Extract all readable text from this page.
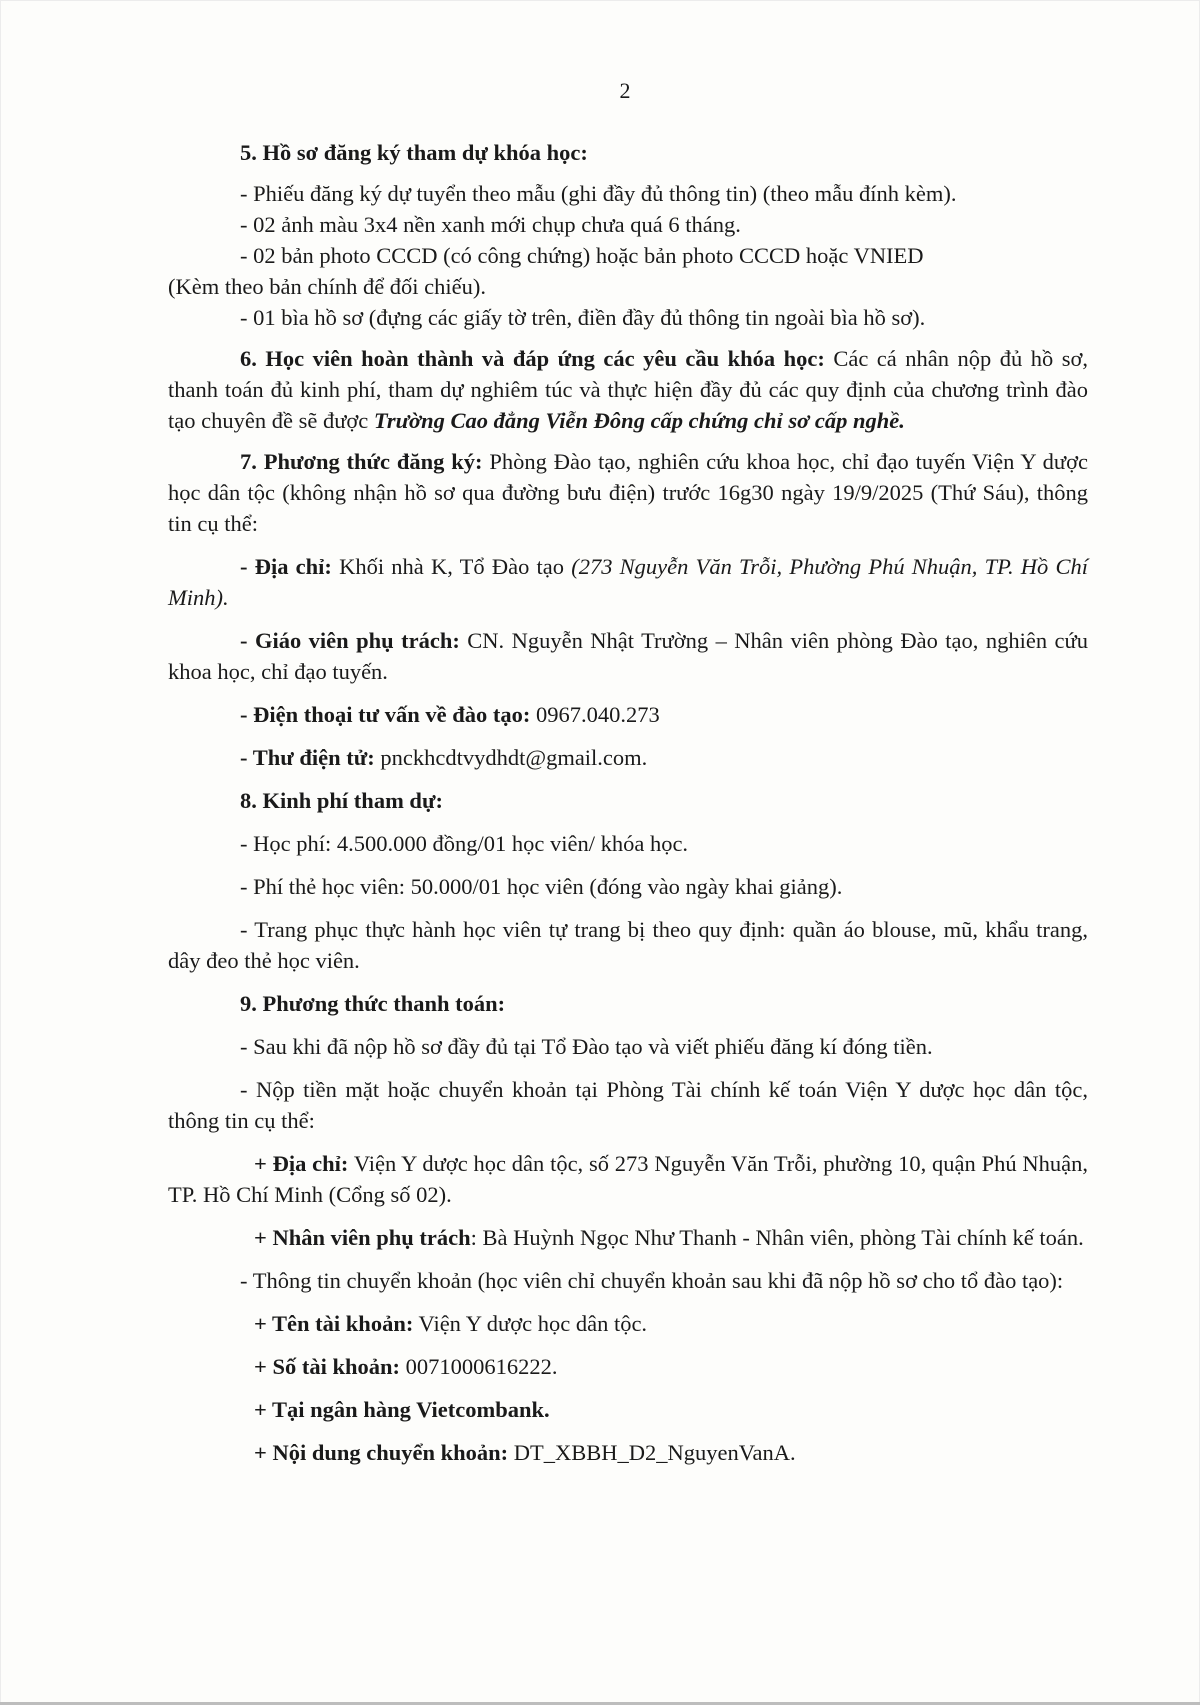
2

5. Hồ sơ đăng ký tham dự khóa học:

- Phiếu đăng ký dự tuyển theo mẫu (ghi đầy đủ thông tin) (theo mẫu đính kèm).

- 02 ảnh màu 3x4 nền xanh mới chụp chưa quá 6 tháng.

- 02 bản photo CCCD (có công chứng) hoặc bản photo CCCD hoặc VNIED

(Kèm theo bản chính để đối chiếu).

- 01 bìa hồ sơ (đựng các giấy tờ trên, điền đầy đủ thông tin ngoài bìa hồ sơ).

6. Học viên hoàn thành và đáp ứng các yêu cầu khóa học: Các cá nhân nộp đủ hồ sơ, thanh toán đủ kinh phí, tham dự nghiêm túc và thực hiện đầy đủ các quy định của chương trình đào tạo chuyên đề sẽ được Trường Cao đẳng Viễn Đông cấp chứng chỉ sơ cấp nghề.

7. Phương thức đăng ký: Phòng Đào tạo, nghiên cứu khoa học, chỉ đạo tuyến Viện Y dược học dân tộc (không nhận hồ sơ qua đường bưu điện) trước 16g30 ngày 19/9/2025 (Thứ Sáu), thông tin cụ thể:

- Địa chỉ: Khối nhà K, Tổ Đào tạo (273 Nguyễn Văn Trỗi, Phường Phú Nhuận, TP. Hồ Chí Minh).

- Giáo viên phụ trách: CN. Nguyễn Nhật Trường – Nhân viên phòng Đào tạo, nghiên cứu khoa học, chỉ đạo tuyến.

- Điện thoại tư vấn về đào tạo: 0967.040.273

- Thư điện tử: pnckhcdtvydhdt@gmail.com.

8. Kinh phí tham dự:

- Học phí: 4.500.000 đồng/01 học viên/ khóa học.

- Phí thẻ học viên: 50.000/01 học viên (đóng vào ngày khai giảng).

- Trang phục thực hành học viên tự trang bị theo quy định: quần áo blouse, mũ, khẩu trang, dây đeo thẻ học viên.

9. Phương thức thanh toán:

- Sau khi đã nộp hồ sơ đầy đủ tại Tổ Đào tạo và viết phiếu đăng kí đóng tiền.

- Nộp tiền mặt hoặc chuyển khoản tại Phòng Tài chính kế toán Viện Y dược học dân tộc, thông tin cụ thể:

+ Địa chỉ: Viện Y dược học dân tộc, số 273 Nguyễn Văn Trỗi, phường 10, quận Phú Nhuận, TP. Hồ Chí Minh (Cổng số 02).

+ Nhân viên phụ trách: Bà Huỳnh Ngọc Như Thanh - Nhân viên, phòng Tài chính kế toán.

- Thông tin chuyển khoản (học viên chỉ chuyển khoản sau khi đã nộp hồ sơ cho tổ đào tạo):

+ Tên tài khoản: Viện Y dược học dân tộc.

+ Số tài khoản: 0071000616222.

+ Tại ngân hàng Vietcombank.

+ Nội dung chuyển khoản: DT_XBBH_D2_NguyenVanA.
